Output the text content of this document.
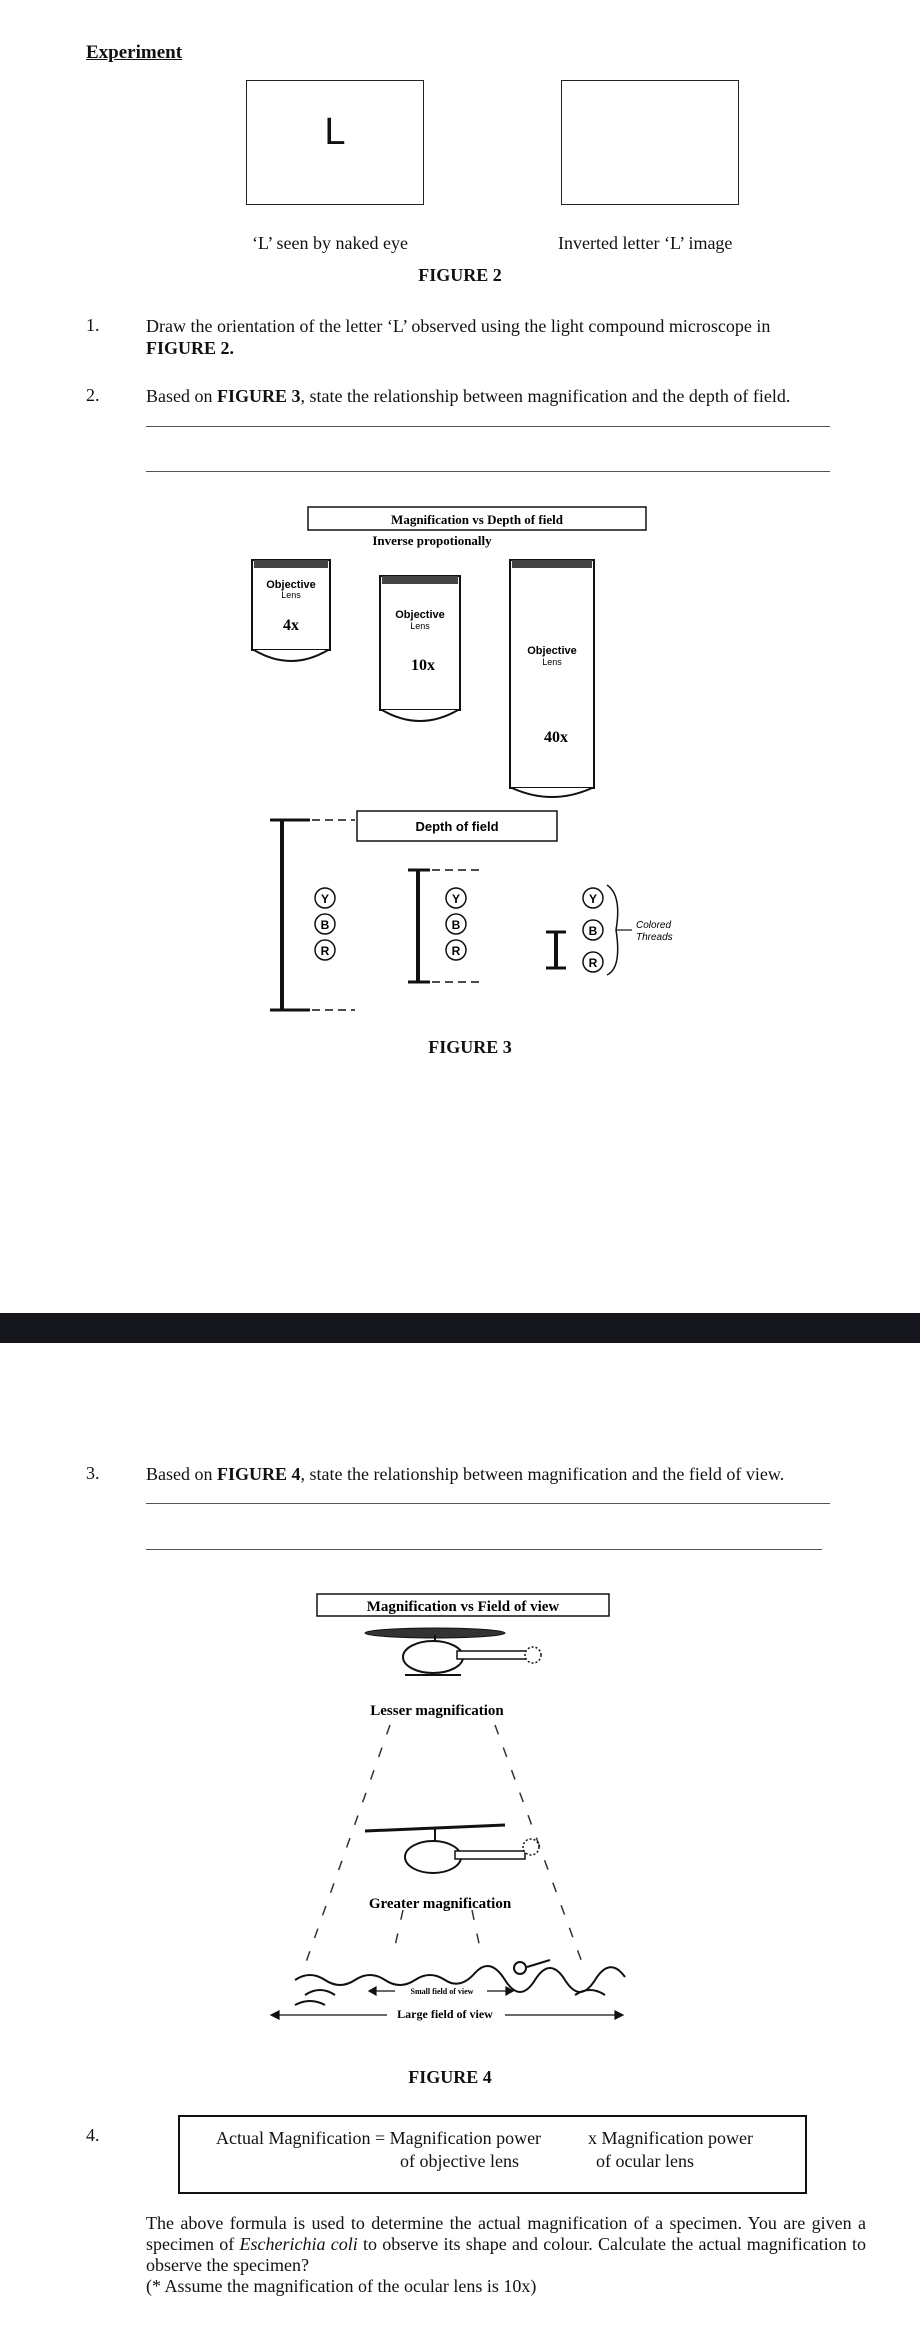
Experiment
L
‘L’ seen by naked eye	Inverted letter ‘L’ image
FIGURE 2
1.	Draw the orientation of the letter ‘L’ observed using the light compound microscope in
FIGURE 2.
2.	Based on FIGURE 3, state the relationship between magnification and the depth of field.
Magnification vs Depth of field
Inverse propotionally
Objective
Lens
4x
Objective
Lens
10x
Objective
Lens
40x
Depth of field
Y
B
R
Y
B
R
Y
B
R
Colored
Threads
FIGURE 3
3.	Based on FIGURE 4, state the relationship between magnification and the field of view.
Magnification vs Field of view
Lesser magnification
Greater magnification
Small field of view
Large field of view
FIGURE 4
4.	Actual Magnification = Magnification power	x Magnification power
of objective lens	of ocular lens
The above formula is used to determine the actual magnification of a specimen. You are given a specimen of Escherichia coli to observe its shape and colour. Calculate the actual magnification to observe the specimen?
(* Assume the magnification of the ocular lens is 10x)
